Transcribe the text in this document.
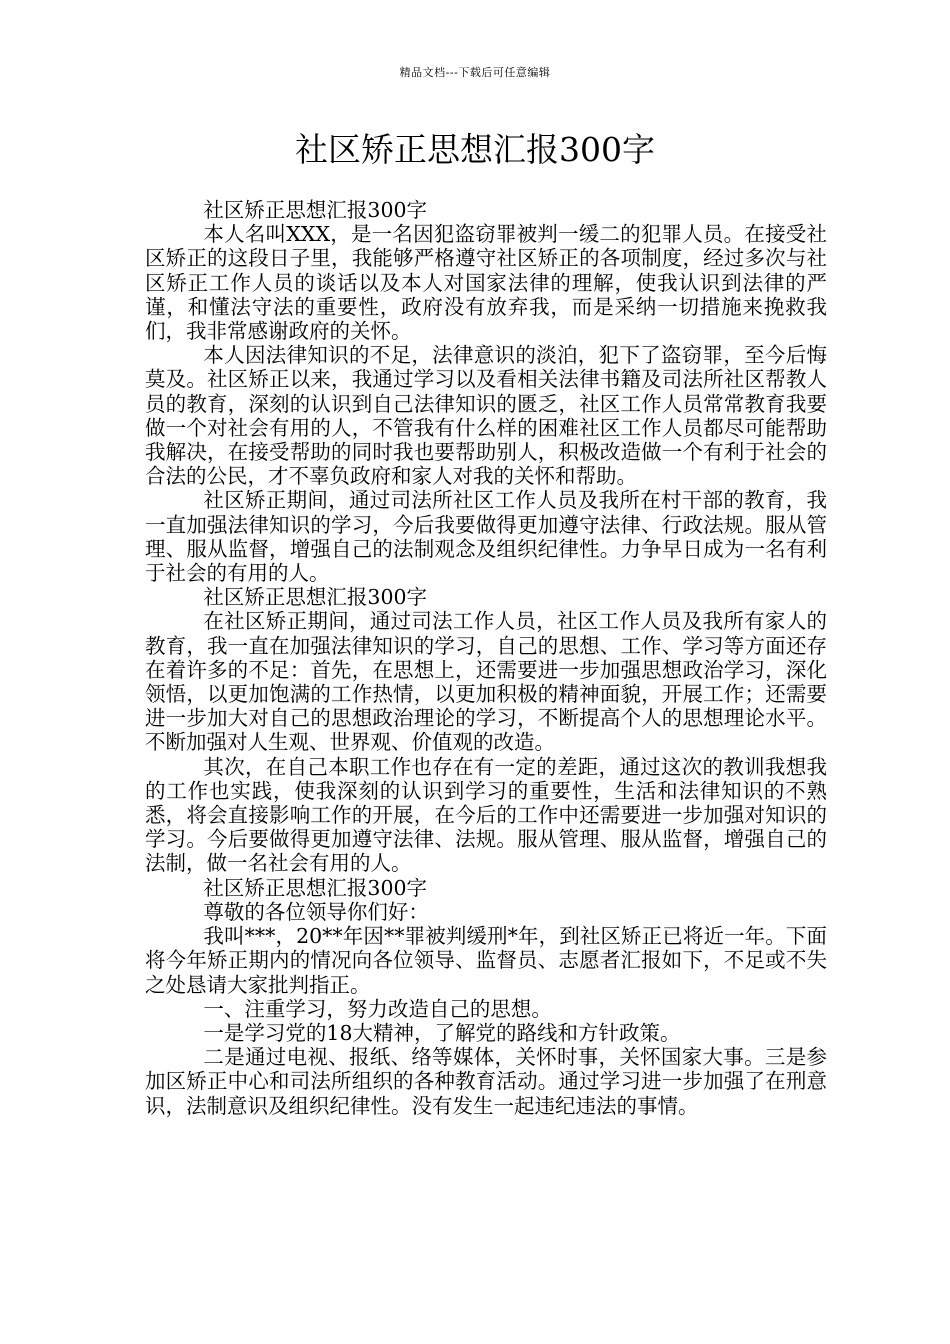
精品文档---下载后可任意编辑
社区矫正思想汇报300字

社区矫正思想汇报300字

本人名叫XXX，是一名因犯盗窃罪被判一缓二的犯罪人员。在接受社区矫正的这段日子里，我能够严格遵守社区矫正的各项制度，经过多次与社区矫正工作人员的谈话以及本人对国家法律的理解，使我认识到法律的严谨，和懂法守法的重要性，政府没有放弃我，而是采纳一切措施来挽救我们，我非常感谢政府的关怀。

本人因法律知识的不足，法律意识的淡泊，犯下了盗窃罪，至今后悔莫及。社区矫正以来，我通过学习以及看相关法律书籍及司法所社区帮教人员的教育，深刻的认识到自己法律知识的匮乏，社区工作人员常常教育我要做一个对社会有用的人，不管我有什么样的困难社区工作人员都尽可能帮助我解决，在接受帮助的同时我也要帮助别人，积极改造做一个有利于社会的合法的公民，才不辜负政府和家人对我的关怀和帮助。

社区矫正期间，通过司法所社区工作人员及我所在村干部的教育，我一直加强法律知识的学习，今后我要做得更加遵守法律、行政法规。服从管理、服从监督，增强自己的法制观念及组织纪律性。力争早日成为一名有利于社会的有用的人。

社区矫正思想汇报300字

在社区矫正期间，通过司法工作人员，社区工作人员及我所有家人的教育，我一直在加强法律知识的学习，自己的思想、工作、学习等方面还存在着许多的不足：首先，在思想上，还需要进一步加强思想政治学习，深化领悟，以更加饱满的工作热情，以更加积极的精神面貌，开展工作；还需要进一步加大对自己的思想政治理论的学习，不断提高个人的思想理论水平。不断加强对人生观、世界观、价值观的改造。

其次，在自己本职工作也存在有一定的差距，通过这次的教训我想我的工作也实践，使我深刻的认识到学习的重要性，生活和法律知识的不熟悉，将会直接影响工作的开展，在今后的工作中还需要进一步加强对知识的学习。今后要做得更加遵守法律、法规。服从管理、服从监督，增强自己的法制，做一名社会有用的人。

社区矫正思想汇报300字

尊敬的各位领导你们好：

我叫***，20**年因**罪被判缓刑*年，到社区矫正已将近一年。下面将今年矫正期内的情况向各位领导、监督员、志愿者汇报如下，不足或不失之处恳请大家批判指正。

一、注重学习，努力改造自己的思想。

一是学习党的18大精神，了解党的路线和方针政策。

二是通过电视、报纸、络等媒体，关怀时事，关怀国家大事。三是参加区矫正中心和司法所组织的各种教育活动。通过学习进一步加强了在刑意识，法制意识及组织纪律性。没有发生一起违纪违法的事情。
